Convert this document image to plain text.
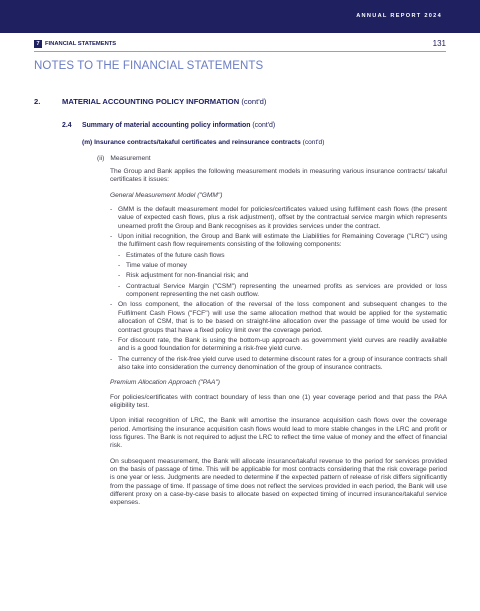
ANNUAL REPORT 2024
7 FINANCIAL STATEMENTS	131
NOTES TO THE FINANCIAL STATEMENTS
2.	MATERIAL ACCOUNTING POLICY INFORMATION (cont'd)
2.4 Summary of material accounting policy information (cont'd)
(m) Insurance contracts/takaful certificates and reinsurance contracts (cont'd)
(ii) Measurement

The Group and Bank applies the following measurement models in measuring various insurance contracts/ takaful certificates it issues:

General Measurement Model ("GMM")

- GMM is the default measurement model for policies/certificates valued using fulfilment cash flows (the present value of expected cash flows, plus a risk adjustment), offset by the contractual service margin which represents unearned profit the Group and Bank recognises as it provides services under the contract.
- Upon initial recognition, the Group and Bank will estimate the Liabilities for Remaining Coverage ("LRC") using the fulfilment cash flow requirements consisting of the following components:
- Estimates of the future cash flows
- Time value of money
- Risk adjustment for non-financial risk; and
- Contractual Service Margin ("CSM") representing the unearned profits as services are provided or loss component representing the net cash outflow.
- On loss component, the allocation of the reversal of the loss component and subsequent changes to the Fulfilment Cash Flows ("FCF") will use the same allocation method that would be applied for the systematic allocation of CSM, that is to be based on straight-line allocation over the passage of time would be used for contract groups that have a fixed policy limit over the coverage period.
- For discount rate, the Bank is using the bottom-up approach as government yield curves are readily available and is a good foundation for determining a risk-free yield curve.
- The currency of the risk-free yield curve used to determine discount rates for a group of insurance contracts shall also take into consideration the currency denomination of the group of insurance contracts.

Premium Allocation Approach ("PAA")

For policies/certificates with contract boundary of less than one (1) year coverage period and that pass the PAA eligibility test.

Upon initial recognition of LRC, the Bank will amortise the insurance acquisition cash flows over the coverage period. Amortising the insurance acquisition cash flows would lead to more stable changes in the LRC and profit or loss figures. The Bank is not required to adjust the LRC to reflect the time value of money and the effect of financial risk.

On subsequent measurement, the Bank will allocate insurance/takaful revenue to the period for services provided on the basis of passage of time. This will be applicable for most contracts considering that the risk coverage period is one year or less. Judgments are needed to determine if the expected pattern of release of risk differs significantly from the passage of time. If passage of time does not reflect the services provided in each period, the Bank will use different proxy on a case-by-case basis to allocate based on expected timing of incurred insurance/takaful service expenses.
